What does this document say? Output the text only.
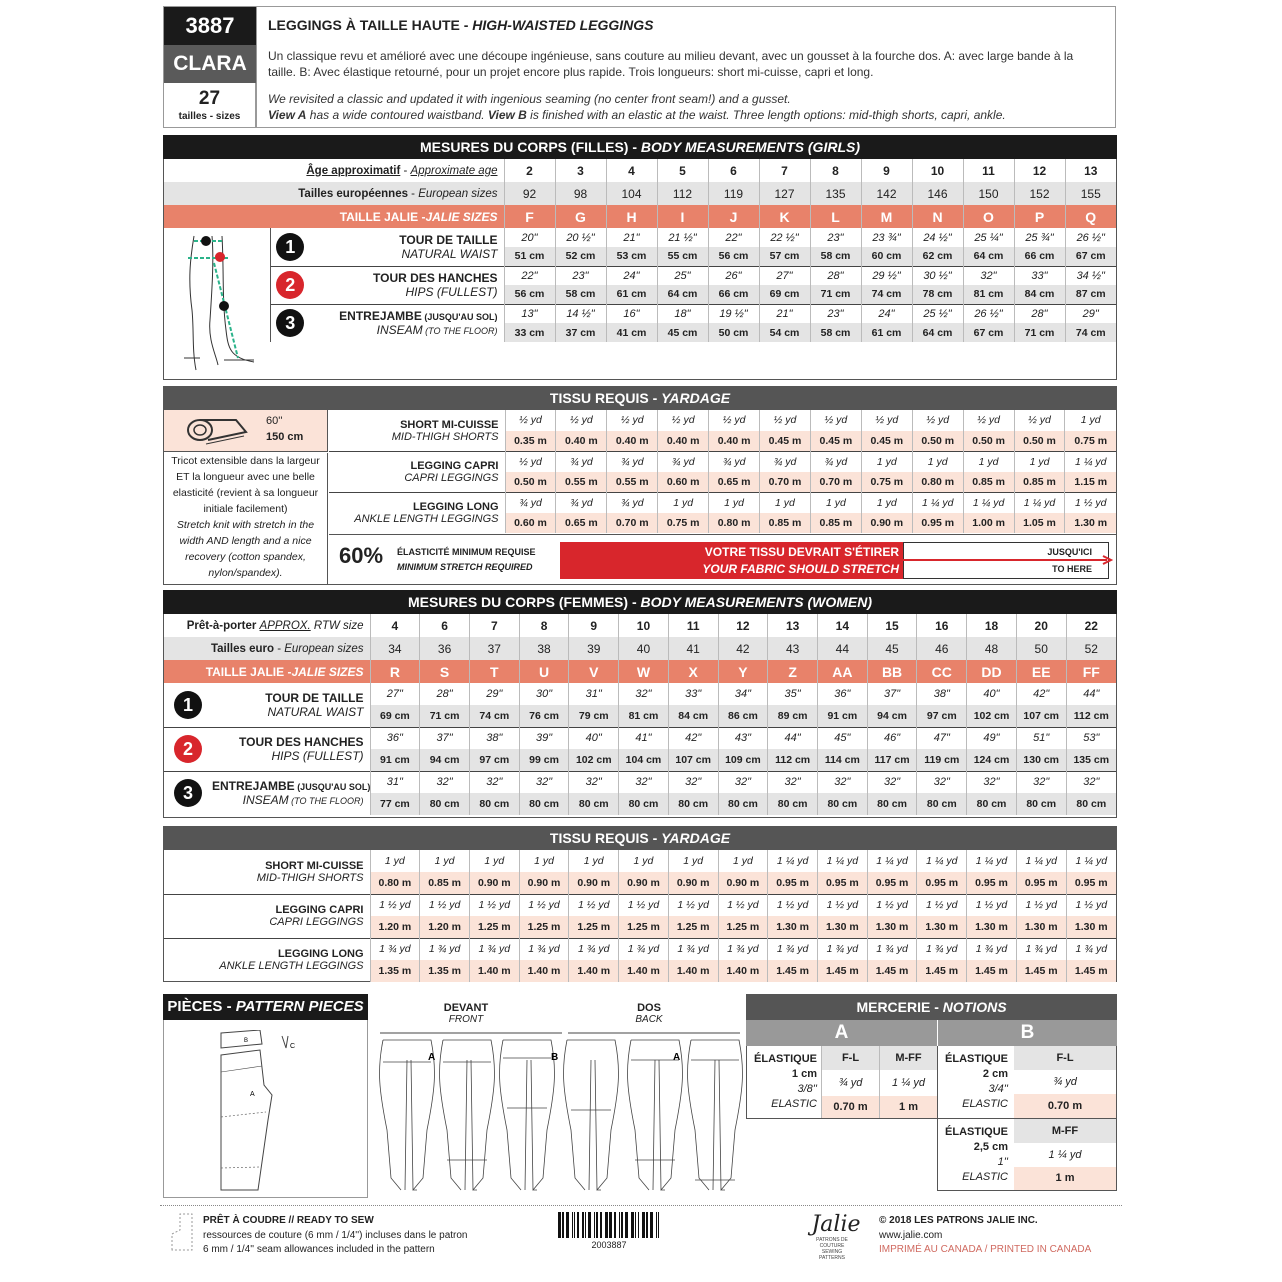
3887
CLARA
27
tailles - sizes
LEGGINGS À TAILLE HAUTE - HIGH-WAISTED LEGGINGS
Un classique revu et amélioré avec une découpe ingénieuse, sans couture au milieu devant, avec un gousset à la fourche dos. A: avec large bande à la taille. B: Avec élastique retourné, pour un projet encore plus rapide. Trois longueurs: short mi-cuisse, capri et long.
We revisited a classic and updated it with ingenious seaming (no center front seam!) and a gusset.
View A has a wide contoured waistband. View B is finished with an elastic at the waist. Three length options: mid-thigh shorts, capri, ankle.
MESURES DU CORPS (FILLES) - BODY MEASUREMENTS (GIRLS)
Âge approximatif - Approximate age			2	3	4	5	6	7	8	9	10	11	12	13
Tailles européennes - European sizes			92	98	104	112	119	127	135	142	146	150	152	155
TAILLE JALIE -JALIE SIZES			F	G	H	I	J	K	L	M	N	O	P	Q
	1	TOUR DE TAILLE	20"	20 ½"	21"	21 ½"	22"	22 ½"	23"	23 ¾"	24 ½"	25 ¼"	25 ¾"	26 ½"
		NATURAL WAIST	51 cm	52 cm	53 cm	55 cm	56 cm	57 cm	58 cm	60 cm	62 cm	64 cm	66 cm	67 cm
	2	TOUR DES HANCHES	22"	23"	24"	25"	26"	27"	28"	29 ½"	30 ½"	32"	33"	34 ½"
		HIPS (FULLEST)	56 cm	58 cm	61 cm	64 cm	66 cm	69 cm	71 cm	74 cm	78 cm	81 cm	84 cm	87 cm
	3	ENTREJAMBE (JUSQU'AU SOL)	13"	14 ½"	16"	18"	19 ½"	21"	23"	24"	25 ½"	26 ½"	28"	29"
		INSEAM (TO THE FLOOR)	33 cm	37 cm	41 cm	45 cm	50 cm	54 cm	58 cm	61 cm	64 cm	67 cm	71 cm	74 cm
TISSU REQUIS - YARDAGE
60''
150 cm
Tricot extensible dans la largeur ET la longueur avec une belle elasticité (revient à sa longueur initiale facilement)
Stretch knit with stretch in the width AND length and a nice recovery (cotton spandex, nylon/spandex).
SHORT MI-CUISSE	½ yd	½ yd	½ yd	½ yd	½ yd	½ yd	½ yd	½ yd	½ yd	½ yd	½ yd	1 yd
MID-THIGH SHORTS	0.35 m	0.40 m	0.40 m	0.40 m	0.40 m	0.45 m	0.45 m	0.45 m	0.50 m	0.50 m	0.50 m	0.75 m
LEGGING CAPRI	½ yd	¾ yd	¾ yd	¾ yd	¾ yd	¾ yd	¾ yd	1 yd	1 yd	1 yd	1 yd	1 ¼ yd
CAPRI LEGGINGS	0.50 m	0.55 m	0.55 m	0.60 m	0.65 m	0.70 m	0.70 m	0.75 m	0.80 m	0.85 m	0.85 m	1.15 m
LEGGING LONG	¾ yd	¾ yd	¾ yd	1 yd	1 yd	1 yd	1 yd	1 yd	1 ¼ yd	1 ¼ yd	1 ¼ yd	1 ½ yd
ANKLE LENGTH LEGGINGS	0.60 m	0.65 m	0.70 m	0.75 m	0.80 m	0.85 m	0.85 m	0.90 m	0.95 m	1.00 m	1.05 m	1.30 m
60% ÉLASTICITÉ MINIMUM REQUISE
MINIMUM STRETCH REQUIRED
VOTRE TISSU DEVRAIT S'ÉTIRER
YOUR FABRIC SHOULD STRETCH
JUSQU'ICI
TO HERE
MESURES DU CORPS (FEMMES) - BODY MEASUREMENTS (WOMEN)
Prêt-à-porter APPROX. RTW size		4	6	7	8	9	10	11	12	13	14	15	16	18	20	22
Tailles euro - European sizes		34	36	37	38	39	40	41	42	43	44	45	46	48	50	52
TAILLE JALIE -JALIE SIZES		R	S	T	U	V	W	X	Y	Z	AA	BB	CC	DD	EE	FF
1	TOUR DE TAILLE	27"	28"	29"	30"	31"	32"	33"	34"	35"	36"	37"	38"	40"	42"	44"
	NATURAL WAIST	69 cm	71 cm	74 cm	76 cm	79 cm	81 cm	84 cm	86 cm	89 cm	91 cm	94 cm	97 cm	102 cm	107 cm	112 cm
2	TOUR DES HANCHES	36"	37"	38"	39"	40"	41"	42"	43"	44"	45"	46"	47"	49"	51"	53"
	HIPS (FULLEST)	91 cm	94 cm	97 cm	99 cm	102 cm	104 cm	107 cm	109 cm	112 cm	114 cm	117 cm	119 cm	124 cm	130 cm	135 cm
3	ENTREJAMBE (JUSQU'AU SOL)	31"	32"	32"	32"	32"	32"	32"	32"	32"	32"	32"	32"	32"	32"	32"
	INSEAM (TO THE FLOOR)	77 cm	80 cm	80 cm	80 cm	80 cm	80 cm	80 cm	80 cm	80 cm	80 cm	80 cm	80 cm	80 cm	80 cm	80 cm
TISSU REQUIS - YARDAGE
SHORT MI-CUISSE	1 yd	1 yd	1 yd	1 yd	1 yd	1 yd	1 yd	1 yd	1 ¼ yd	1 ¼ yd	1 ¼ yd	1 ¼ yd	1 ¼ yd	1 ¼ yd	1 ¼ yd
MID-THIGH SHORTS	0.80 m	0.85 m	0.90 m	0.90 m	0.90 m	0.90 m	0.90 m	0.90 m	0.95 m	0.95 m	0.95 m	0.95 m	0.95 m	0.95 m	0.95 m
LEGGING CAPRI	1 ½ yd	1 ½ yd	1 ½ yd	1 ½ yd	1 ½ yd	1 ½ yd	1 ½ yd	1 ½ yd	1 ½ yd	1 ½ yd	1 ½ yd	1 ½ yd	1 ½ yd	1 ½ yd	1 ½ yd
CAPRI LEGGINGS	1.20 m	1.20 m	1.25 m	1.25 m	1.25 m	1.25 m	1.25 m	1.25 m	1.30 m	1.30 m	1.30 m	1.30 m	1.30 m	1.30 m	1.30 m
LEGGING LONG	1 ¾ yd	1 ¾ yd	1 ¾ yd	1 ¾ yd	1 ¾ yd	1 ¾ yd	1 ¾ yd	1 ¾ yd	1 ¾ yd	1 ¾ yd	1 ¾ yd	1 ¾ yd	1 ¾ yd	1 ¾ yd	1 ¾ yd
ANKLE LENGTH LEGGINGS	1.35 m	1.35 m	1.40 m	1.40 m	1.40 m	1.40 m	1.40 m	1.40 m	1.45 m	1.45 m	1.45 m	1.45 m	1.45 m	1.45 m	1.45 m
PIÈCES - PATTERN PIECES
B
A
C
DEVANT
FRONT
DOS
BACK
A	B	A
MERCERIE - NOTIONS
A	B
ÉLASTIQUE
1 cm
3/8''
ELASTIC
F-L	M-FF
¾ yd	1 ¼ yd
0.70 m	1 m
ÉLASTIQUE
2 cm
3/4''
ELASTIC
F-L
¾ yd
0.70 m
ÉLASTIQUE
2,5 cm
1''
ELASTIC
M-FF
1 ¼ yd
1 m
PRÊT À COUDRE // READY TO SEW
ressources de couture (6 mm / 1/4'') incluses dans le patron
6 mm / 1/4'' seam allowances included in the pattern	2003887
Jalie
PATRONS DE COUTURE SEWING PATTERNS
© 2018 LES PATRONS JALIE INC.
www.jalie.com
IMPRIMÉ AU CANADA / PRINTED IN CANADA
